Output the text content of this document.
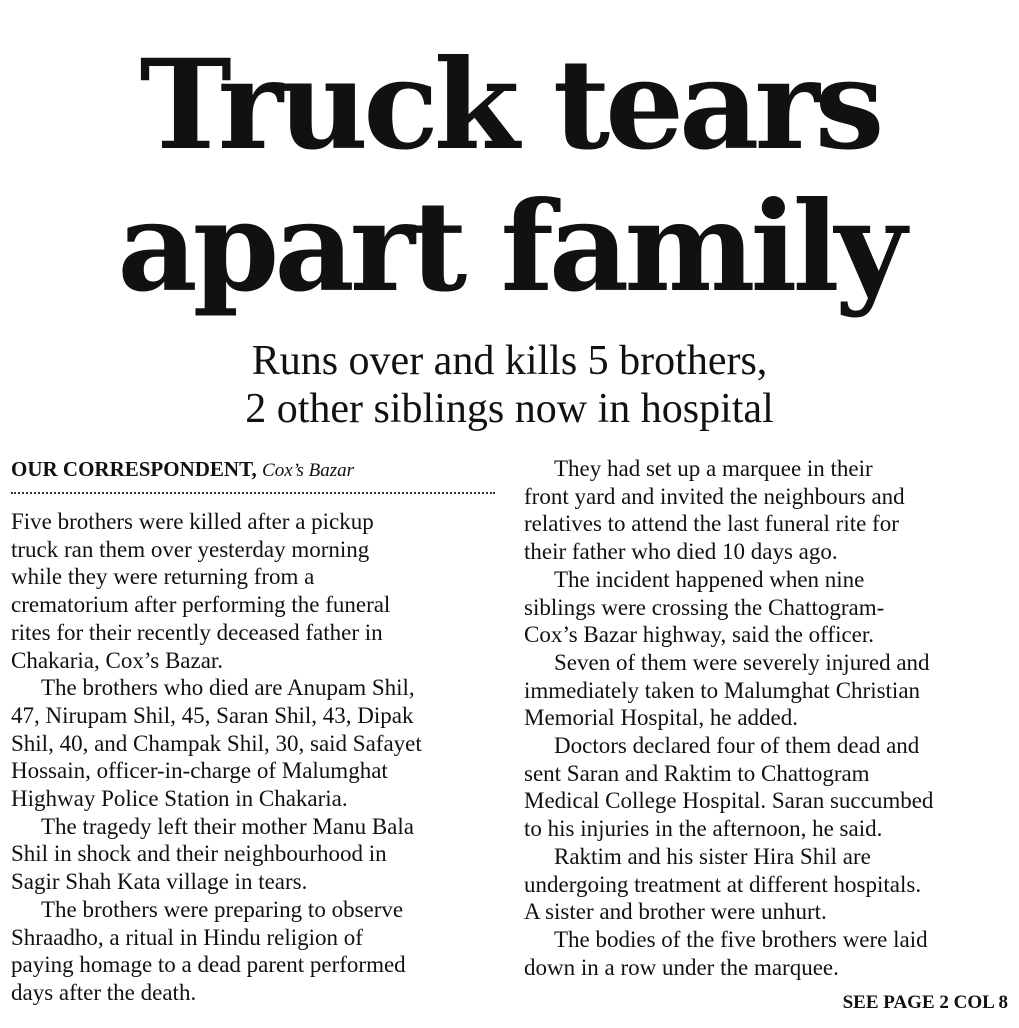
Truck tears
apart family
Runs over and kills 5 brothers,
2 other siblings now in hospital
OUR CORRESPONDENT, Cox’s Bazar
Five brothers were killed after a pickup
truck ran them over yesterday morning
while they were returning from a
crematorium after performing the funeral
rites for their recently deceased father in
Chakaria, Cox’s Bazar.
The brothers who died are Anupam Shil,
47, Nirupam Shil, 45, Saran Shil, 43, Dipak
Shil, 40, and Champak Shil, 30, said Safayet
Hossain, officer-in-charge of Malumghat
Highway Police Station in Chakaria.
The tragedy left their mother Manu Bala
Shil in shock and their neighbourhood in
Sagir Shah Kata village in tears.
The brothers were preparing to observe
Shraadho, a ritual in Hindu religion of
paying homage to a dead parent performed
days after the death.
They had set up a marquee in their
front yard and invited the neighbours and
relatives to attend the last funeral rite for
their father who died 10 days ago.
The incident happened when nine
siblings were crossing the Chattogram-
Cox’s Bazar highway, said the officer.
Seven of them were severely injured and
immediately taken to Malumghat Christian
Memorial Hospital, he added.
Doctors declared four of them dead and
sent Saran and Raktim to Chattogram
Medical College Hospital. Saran succumbed
to his injuries in the afternoon, he said.
Raktim and his sister Hira Shil are
undergoing treatment at different hospitals.
A sister and brother were unhurt.
The bodies of the five brothers were laid
down in a row under the marquee.
SEE PAGE 2 COL 8
